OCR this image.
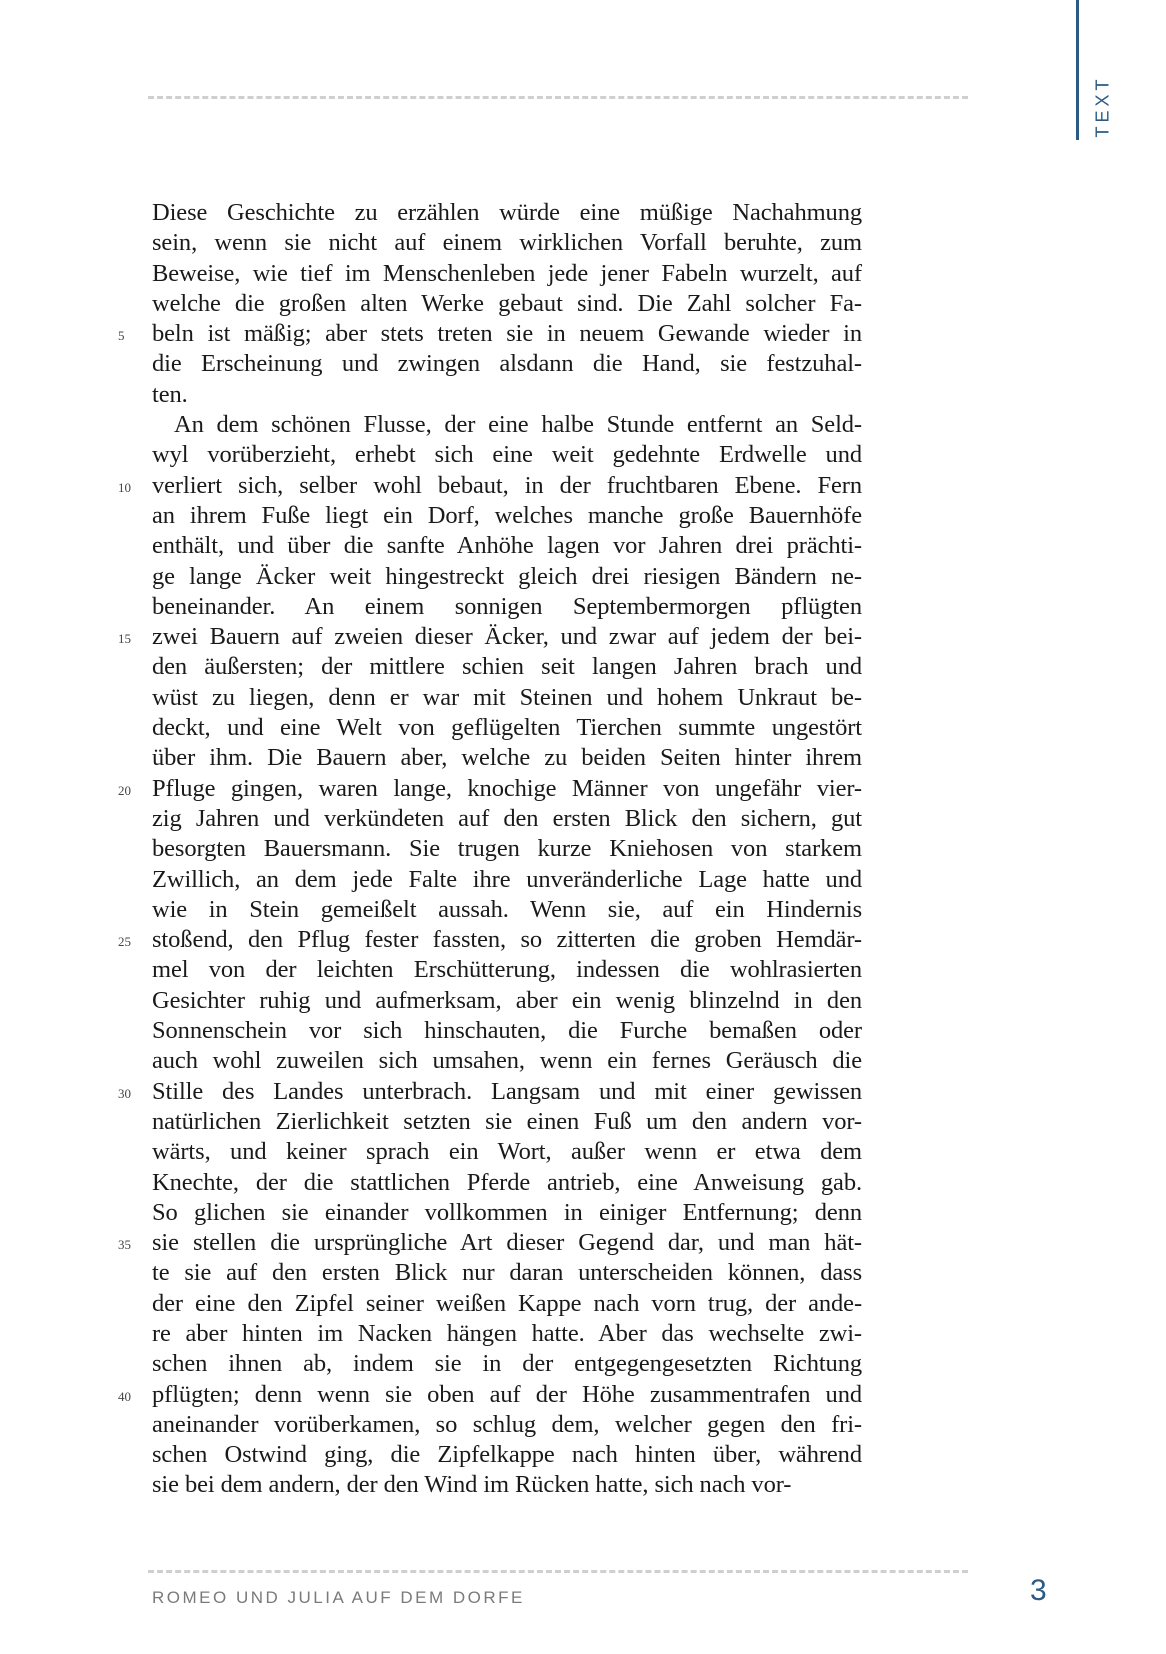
TEXT
Diese Geschichte zu erzählen würde eine müßige Nachahmung
sein, wenn sie nicht auf einem wirklichen Vorfall beruhte, zum
Beweise, wie tief im Menschenleben jede jener Fabeln wurzelt, auf
welche die großen alten Werke gebaut sind. Die Zahl solcher Fa-
beln ist mäßig; aber stets treten sie in neuem Gewande wieder in
die Erscheinung und zwingen alsdann die Hand, sie festzuhal-
ten.
An dem schönen Flusse, der eine halbe Stunde entfernt an Seld-
wyl vorüberzieht, erhebt sich eine weit gedehnte Erdwelle und
verliert sich, selber wohl bebaut, in der fruchtbaren Ebene. Fern
an ihrem Fuße liegt ein Dorf, welches manche große Bauernhöfe
enthält, und über die sanfte Anhöhe lagen vor Jahren drei prächti-
ge lange Äcker weit hingestreckt gleich drei riesigen Bändern ne-
beneinander. An einem sonnigen Septembermorgen pflügten
zwei Bauern auf zweien dieser Äcker, und zwar auf jedem der bei-
den äußersten; der mittlere schien seit langen Jahren brach und
wüst zu liegen, denn er war mit Steinen und hohem Unkraut be-
deckt, und eine Welt von geflügelten Tierchen summte ungestört
über ihm. Die Bauern aber, welche zu beiden Seiten hinter ihrem
Pfluge gingen, waren lange, knochige Männer von ungefähr vier-
zig Jahren und verkündeten auf den ersten Blick den sichern, gut
besorgten Bauersmann. Sie trugen kurze Kniehosen von starkem
Zwillich, an dem jede Falte ihre unveränderliche Lage hatte und
wie in Stein gemeißelt aussah. Wenn sie, auf ein Hindernis
stoßend, den Pflug fester fassten, so zitterten die groben Hemdär-
mel von der leichten Erschütterung, indessen die wohlrasierten
Gesichter ruhig und aufmerksam, aber ein wenig blinzelnd in den
Sonnenschein vor sich hinschauten, die Furche bemaßen oder
auch wohl zuweilen sich umsahen, wenn ein fernes Geräusch die
Stille des Landes unterbrach. Langsam und mit einer gewissen
natürlichen Zierlichkeit setzten sie einen Fuß um den andern vor-
wärts, und keiner sprach ein Wort, außer wenn er etwa dem
Knechte, der die stattlichen Pferde antrieb, eine Anweisung gab.
So glichen sie einander vollkommen in einiger Entfernung; denn
sie stellen die ursprüngliche Art dieser Gegend dar, und man hät-
te sie auf den ersten Blick nur daran unterscheiden können, dass
der eine den Zipfel seiner weißen Kappe nach vorn trug, der ande-
re aber hinten im Nacken hängen hatte. Aber das wechselte zwi-
schen ihnen ab, indem sie in der entgegengesetzten Richtung
pflügten; denn wenn sie oben auf der Höhe zusammentrafen und
aneinander vorüberkamen, so schlug dem, welcher gegen den fri-
schen Ostwind ging, die Zipfelkappe nach hinten über, während
sie bei dem andern, der den Wind im Rücken hatte, sich nach vor-
ROMEO UND JULIA AUF DEM DORFE	3
5
10
15
20
25
30
35
40
